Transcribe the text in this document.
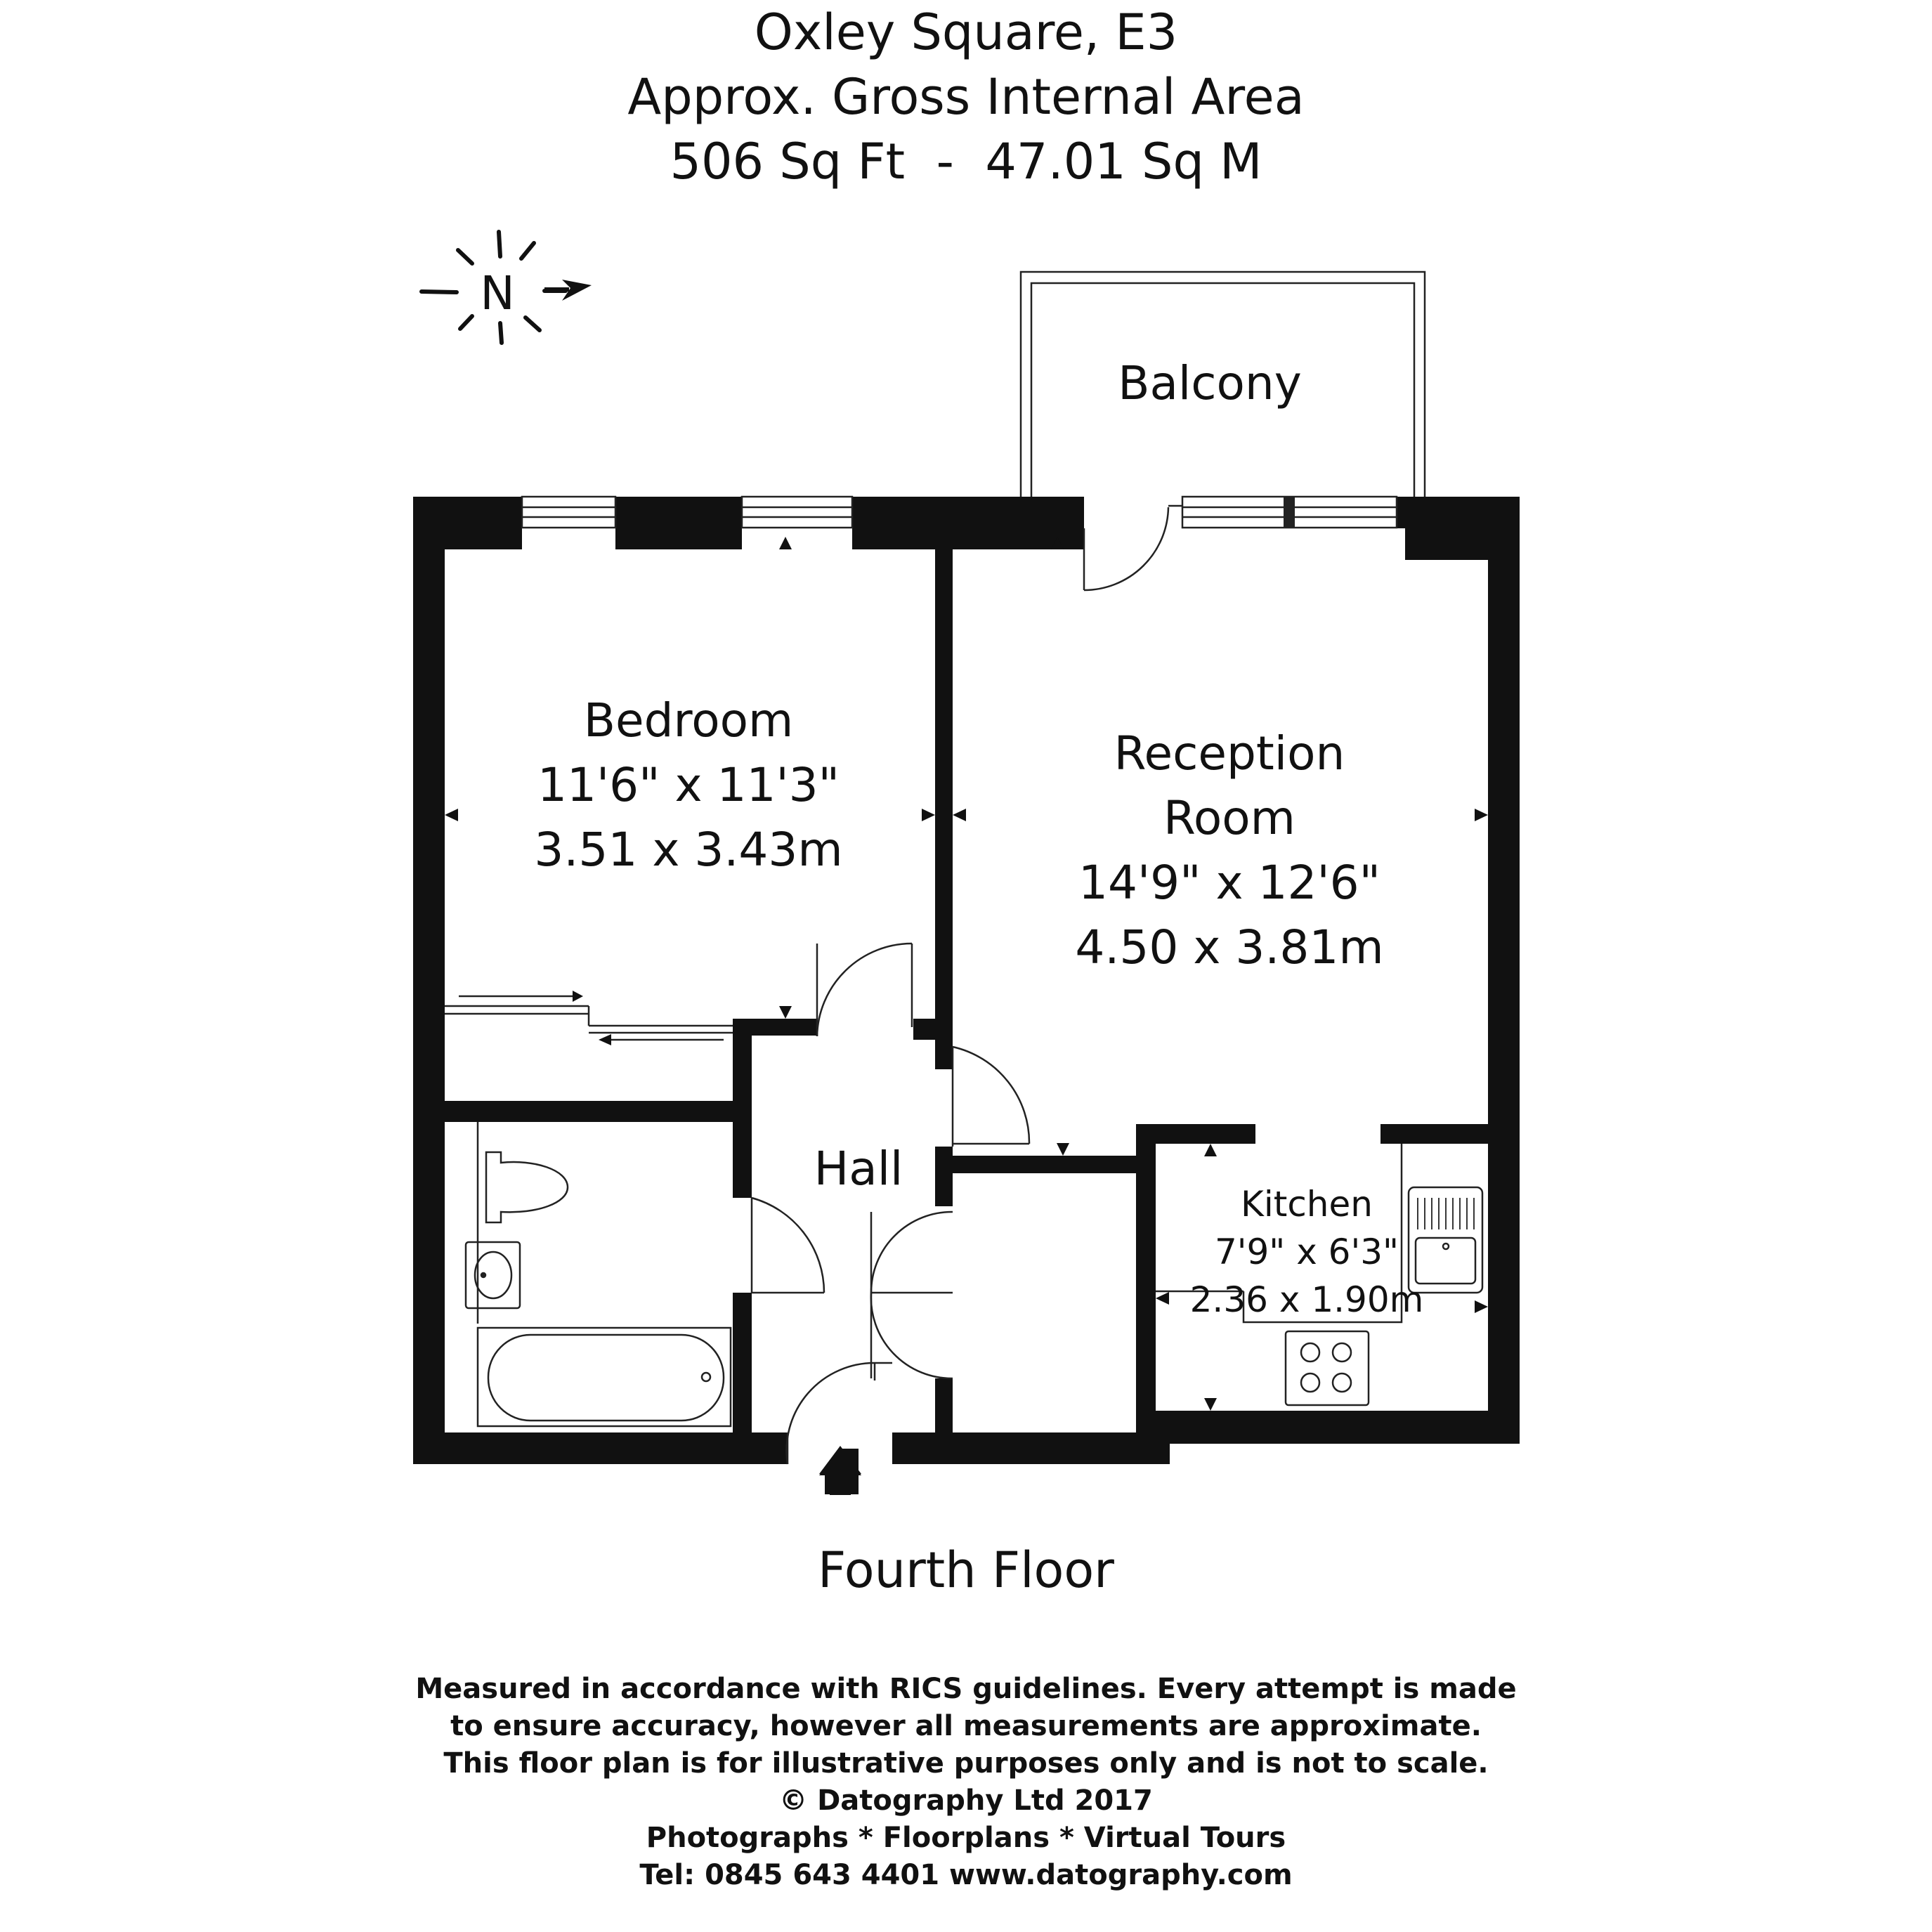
Oxley Square, E3
Approx. Gross Internal Area
506 Sq Ft  -  47.01 Sq M
N
Balcony
Bedroom
11'6" x 11'3"
3.51 x 3.43m
Reception
Room
14'9" x 12'6"
4.50 x 3.81m
Hall
Kitchen
7'9" x 6'3"
2.36 x 1.90m
Fourth Floor
Measured in accordance with RICS guidelines. Every attempt is made
to ensure accuracy, however all measurements are approximate.
This floor plan is for illustrative purposes only and is not to scale.
© Datography Ltd 2017
Photographs * Floorplans * Virtual Tours
Tel: 0845 643 4401 www.datography.com
